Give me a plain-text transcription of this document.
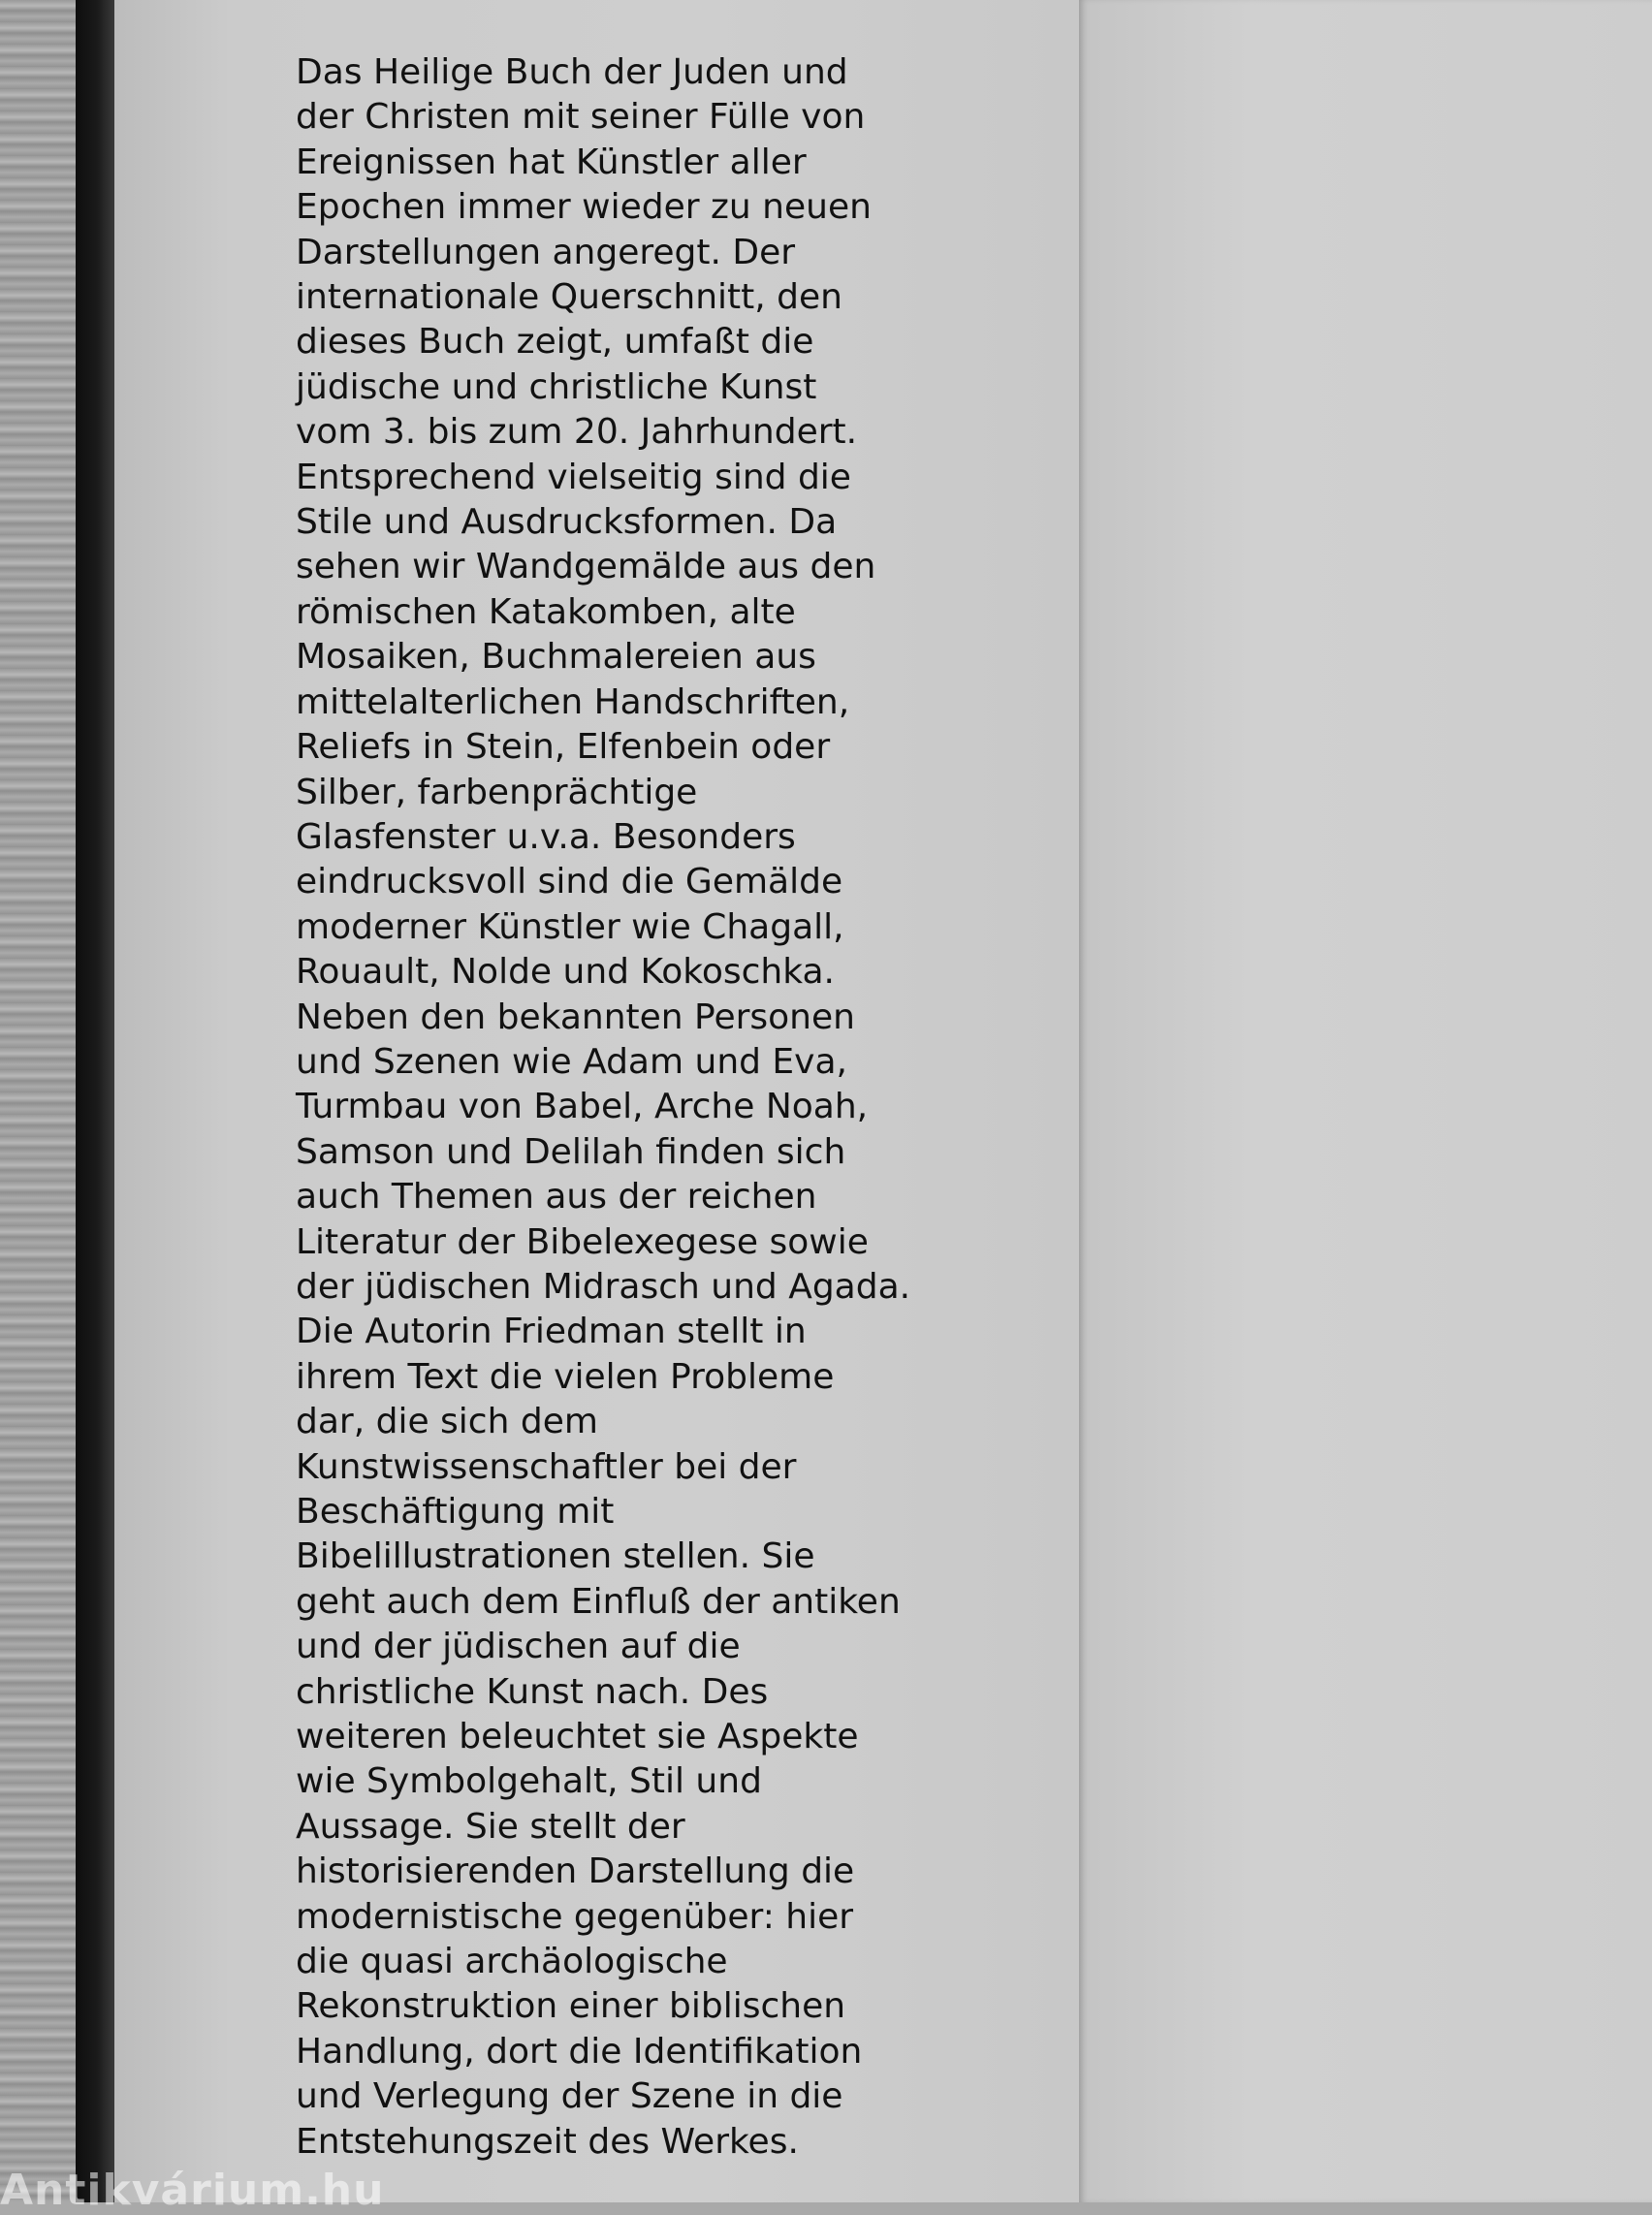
Das Heilige Buch der Juden und
der Christen mit seiner Fülle von
Ereignissen hat Künstler aller
Epochen immer wieder zu neuen
Darstellungen angeregt. Der
internationale Querschnitt, den
dieses Buch zeigt, umfaßt die
jüdische und christliche Kunst
vom 3. bis zum 20. Jahrhundert.
Entsprechend vielseitig sind die
Stile und Ausdrucksformen. Da
sehen wir Wandgemälde aus den
römischen Katakomben, alte
Mosaiken, Buchmalereien aus
mittelalterlichen Handschriften,
Reliefs in Stein, Elfenbein oder
Silber, farbenprächtige
Glasfenster u.v.a. Besonders
eindrucksvoll sind die Gemälde
moderner Künstler wie Chagall,
Rouault, Nolde und Kokoschka.
Neben den bekannten Personen
und Szenen wie Adam und Eva,
Turmbau von Babel, Arche Noah,
Samson und Delilah finden sich
auch Themen aus der reichen
Literatur der Bibelexegese sowie
der jüdischen Midrasch und Agada.
Die Autorin Friedman stellt in
ihrem Text die vielen Probleme
dar, die sich dem
Kunstwissenschaftler bei der
Beschäftigung mit
Bibelillustrationen stellen. Sie
geht auch dem Einfluß der antiken
und der jüdischen auf die
christliche Kunst nach. Des
weiteren beleuchtet sie Aspekte
wie Symbolgehalt, Stil und
Aussage. Sie stellt der
historisierenden Darstellung die
modernistische gegenüber: hier
die quasi archäologische
Rekonstruktion einer biblischen
Handlung, dort die Identifikation
und Verlegung der Szene in die
Entstehungszeit des Werkes.

Antikvárium.hu
